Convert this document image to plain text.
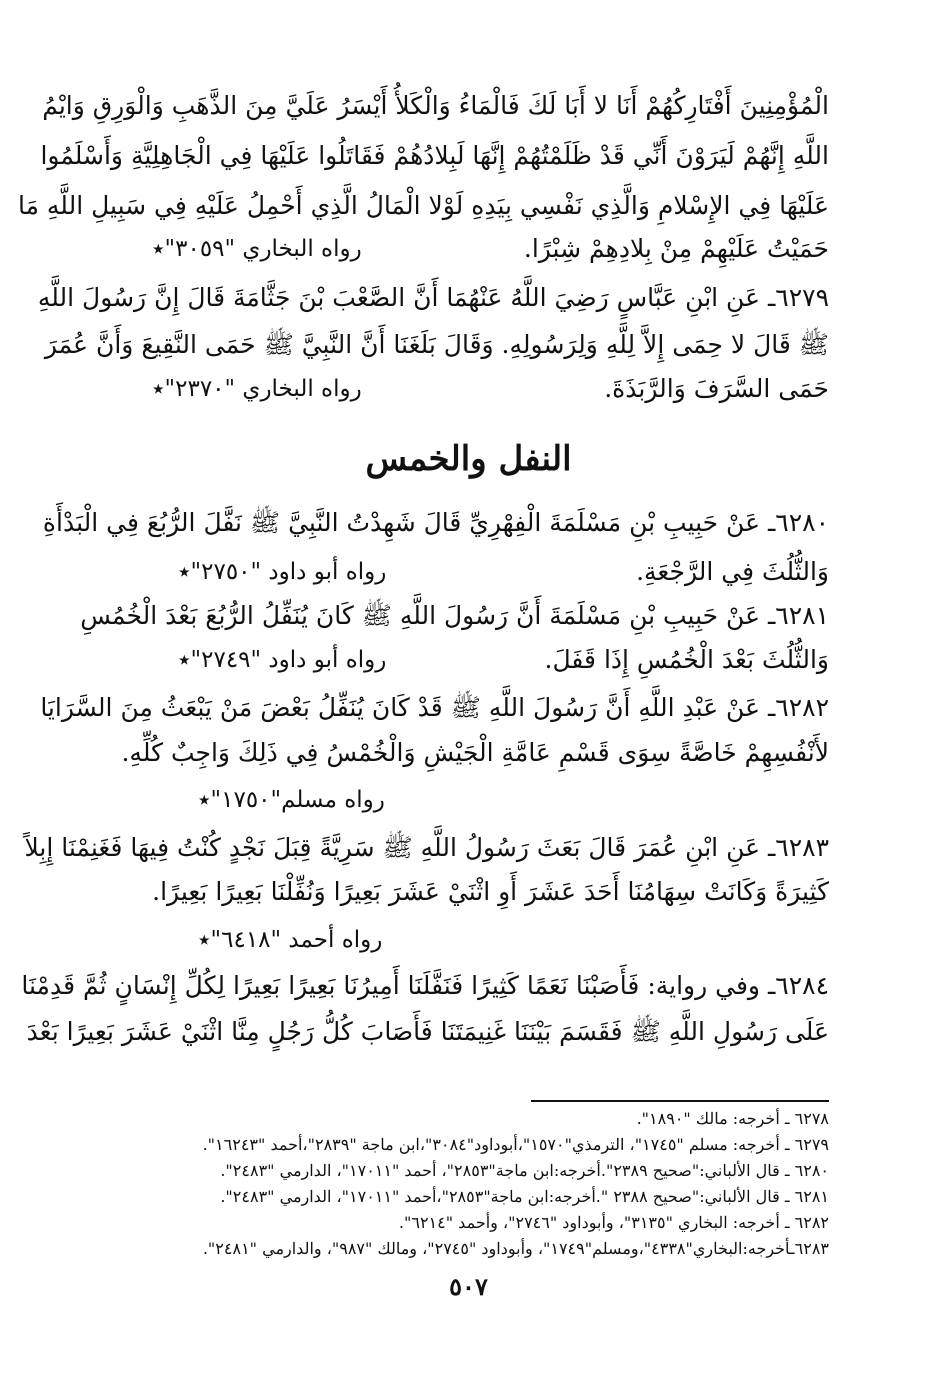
الْمُؤْمِنِينَ أَفْتَارِكُهُمْ أَنَا لا أَبَا لَكَ فَالْمَاءُ وَالْكَلأُ أَيْسَرُ عَلَيَّ مِنَ الذَّهَبِ وَالْوَرِقِ وَايْمُ
اللَّهِ إِنَّهُمْ لَيَرَوْنَ أَنِّي قَدْ ظَلَمْتُهُمْ إِنَّهَا لَبِلادُهُمْ فَقَاتَلُوا عَلَيْهَا فِي الْجَاهِلِيَّةِ وَأَسْلَمُوا
عَلَيْهَا فِي الإِسْلامِ وَالَّذِي نَفْسِي بِيَدِهِ لَوْلا الْمَالُ الَّذِي أَحْمِلُ عَلَيْهِ فِي سَبِيلِ اللَّهِ مَا
حَمَيْتُ عَلَيْهِمْ مِنْ بِلادِهِمْ شِبْرًا.
رواه البخاري "٣٠٥٩"٭
٦٢٧٩ـ عَنِ ابْنِ عَبَّاسٍ رَضِيَ اللَّهُ عَنْهُمَا أَنَّ الصَّعْبَ بْنَ جَثَّامَةَ قَالَ إِنَّ رَسُولَ اللَّهِ
ﷺ قَالَ لا حِمَى إِلاَّ لِلَّهِ وَلِرَسُولِهِ. وَقَالَ بَلَغَنَا أَنَّ النَّبِيَّ ﷺ حَمَى النَّقِيعَ وَأَنَّ عُمَرَ
حَمَى السَّرَفَ وَالرَّبَذَةَ.
رواه البخاري "٢٣٧٠"٭
النفل والخمس
٦٢٨٠ـ عَنْ حَبِيبِ بْنِ مَسْلَمَةَ الْفِهْرِيِّ قَالَ شَهِدْتُ النَّبِيَّ ﷺ نَفَّلَ الرُّبُعَ فِي الْبَدْأَةِ
وَالثُّلُثَ فِي الرَّجْعَةِ.
رواه أبو داود "٢٧٥٠"٭
٦٢٨١ـ عَنْ حَبِيبِ بْنِ مَسْلَمَةَ أَنَّ رَسُولَ اللَّهِ ﷺ كَانَ يُنَفِّلُ الرُّبُعَ بَعْدَ الْخُمُسِ
وَالثُّلُثَ بَعْدَ الْخُمُسِ إِذَا قَفَلَ.
رواه أبو داود "٢٧٤٩"٭
٦٢٨٢ـ عَنْ عَبْدِ اللَّهِ أَنَّ رَسُولَ اللَّهِ ﷺ قَدْ كَانَ يُنَفِّلُ بَعْضَ مَنْ يَبْعَثُ مِنَ السَّرَايَا
لأَنْفُسِهِمْ خَاصَّةً سِوَى قَسْمِ عَامَّةِ الْجَيْشِ وَالْخُمْسُ فِي ذَلِكَ وَاجِبٌ كُلِّهِ.
رواه مسلم"١٧٥٠"٭
٦٢٨٣ـ عَنِ ابْنِ عُمَرَ قَالَ بَعَثَ رَسُولُ اللَّهِ ﷺ سَرِيَّةً قِبَلَ نَجْدٍ كُنْتُ فِيهَا فَغَنِمْنَا إِبِلاً
كَثِيرَةً وَكَانَتْ سِهَامُنَا أَحَدَ عَشَرَ أَوِ اثْنَيْ عَشَرَ بَعِيرًا وَنُفِّلْنَا بَعِيرًا بَعِيرًا.
رواه أحمد "٦٤١٨"٭
٦٢٨٤ـ وفي رواية: فَأَصَبْنَا نَعَمًا كَثِيرًا فَنَفَّلَنَا أَمِيرُنَا بَعِيرًا بَعِيرًا لِكُلِّ إِنْسَانٍ ثُمَّ قَدِمْنَا
عَلَى رَسُولِ اللَّهِ ﷺ فَقَسَمَ بَيْنَنَا غَنِيمَتَنَا فَأَصَابَ كُلُّ رَجُلٍ مِنَّا اثْنَيْ عَشَرَ بَعِيرًا بَعْدَ
٦٢٧٨ ـ أخرجه: مالك "١٨٩٠".
٦٢٧٩ ـ أخرجه: مسلم "١٧٤٥"، الترمذي"١٥٧٠"،أبوداود"٣٠٨٤"،ابن ماجة "٢٨٣٩"،أحمد "١٦٢٤٣".
٦٢٨٠ ـ قال الألباني:"صحيح ٢٣٨٩".أخرجه:ابن ماجة"٢٨٥٣"، أحمد "١٧٠١١"، الدارمي "٢٤٨٣".
٦٢٨١ ـ قال الألباني:"صحيح ٢٣٨٨ ".أخرجه:ابن ماجة"٢٨٥٣"،أحمد "١٧٠١١"، الدارمي "٢٤٨٣".
٦٢٨٢ ـ أخرجه: البخاري "٣١٣٥"، وأبوداود "٢٧٤٦"، وأحمد "٦٢١٤".
٦٢٨٣ـأخرجه:البخاري"٤٣٣٨"،ومسلم"١٧٤٩"، وأبوداود "٢٧٤٥"، ومالك "٩٨٧"، والدارمي "٢٤٨١".
٥٠٧
